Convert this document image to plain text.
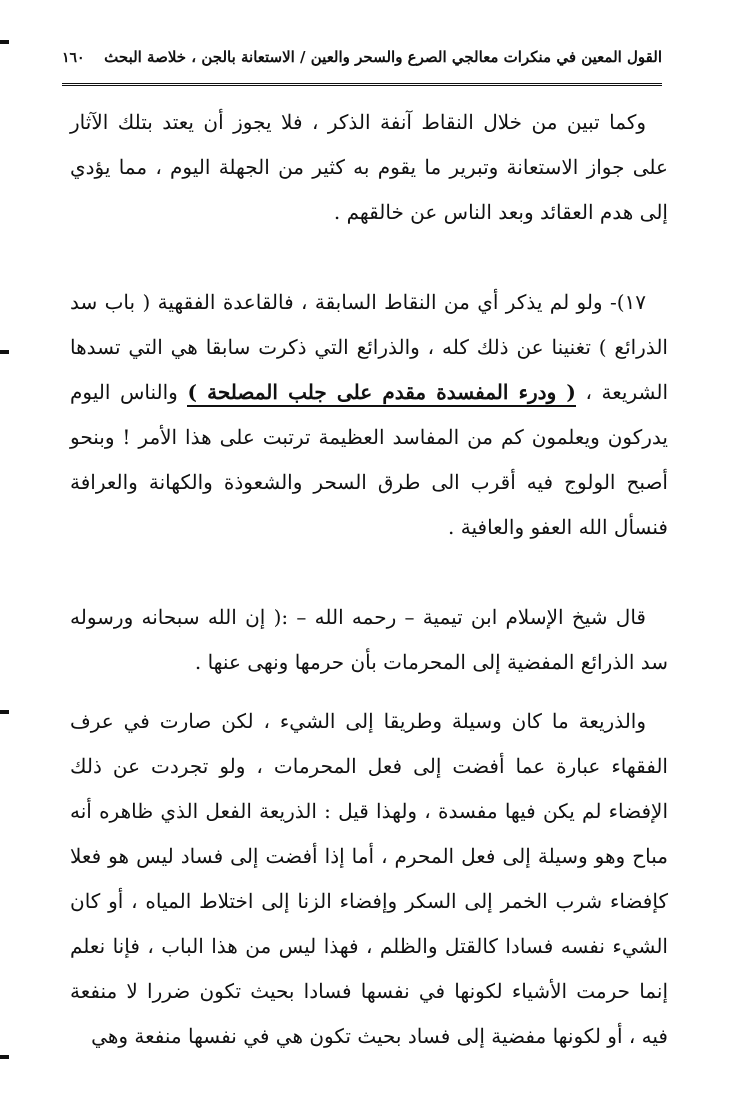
القول المعين في منكرات معالجي الصرع والسحر والعين / الاستعانة بالجن ، خلاصة البحث
١٦٠

وكما تبين من خلال النقاط آنفة الذكر ، فلا يجوز أن يعتد بتلك الآثار على جواز الاستعانة وتبرير ما يقوم به كثير من الجهلة اليوم ، مما يؤدي إلى هدم العقائد وبعد الناس عن خالقهم .

١٧)- ولو لم يذكر أي من النقاط السابقة ، فالقاعدة الفقهية ( باب سد الذرائع ) تغنينا عن ذلك كله ، والذرائع التي ذكرت سابقا هي التي تسدها الشريعة ، ( ودرء المفسدة مقدم على جلب المصلحة ) والناس اليوم يدركون ويعلمون كم من المفاسد العظيمة ترتبت على هذا الأمر ! وبنحو أصبح الولوج فيه أقرب الى طرق السحر والشعوذة والكهانة والعرافة فنسأل الله العفو والعافية .

قال شيخ الإسلام ابن تيمية – رحمه الله – :( إن الله سبحانه ورسوله سد الذرائع المفضية إلى المحرمات بأن حرمها ونهى عنها .

والذريعة ما كان وسيلة وطريقا إلى الشيء ، لكن صارت في عرف الفقهاء عبارة عما أفضت إلى فعل المحرمات ، ولو تجردت عن ذلك الإفضاء لم يكن فيها مفسدة ، ولهذا قيل : الذريعة الفعل الذي ظاهره أنه مباح وهو وسيلة إلى فعل المحرم ، أما إذا أفضت إلى فساد ليس هو فعلا كإفضاء شرب الخمر إلى السكر وإفضاء الزنا إلى اختلاط المياه ، أو كان الشيء نفسه فسادا كالقتل والظلم ، فهذا ليس من هذا الباب ، فإنا نعلم إنما حرمت الأشياء لكونها في نفسها فسادا بحيث تكون ضررا لا منفعة فيه ، أو لكونها مفضية إلى فساد بحيث تكون هي في نفسها منفعة وهي
